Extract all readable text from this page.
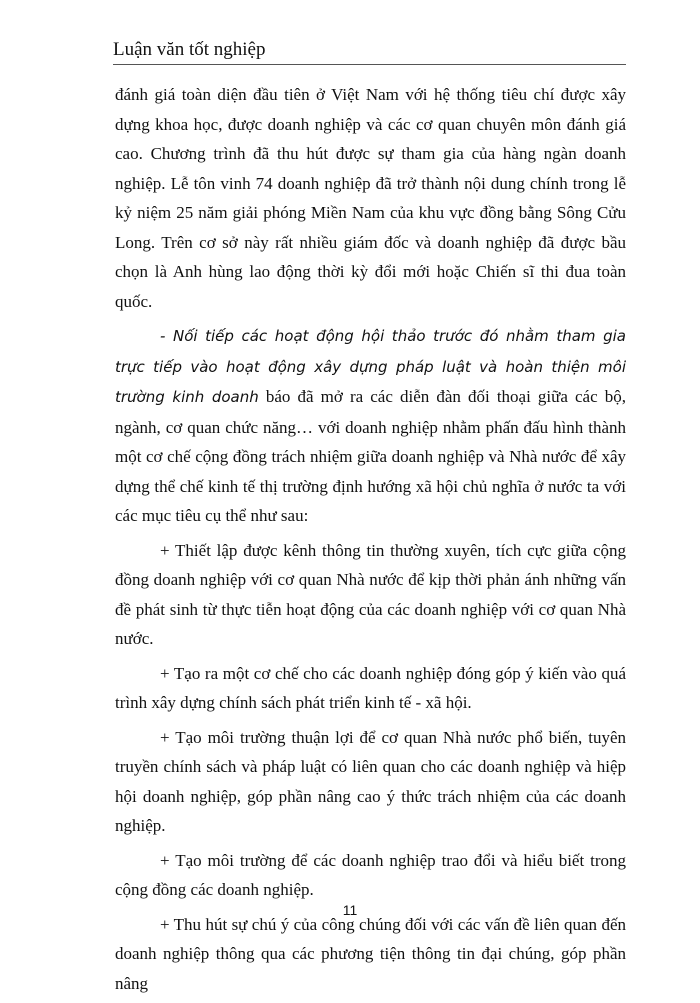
Luận văn tốt nghiệp

đánh giá toàn diện đầu tiên ở Việt Nam với hệ thống tiêu chí được xây dựng khoa học, được doanh nghiệp và các cơ quan chuyên môn đánh giá cao. Chương trình đã thu hút được sự tham gia của hàng ngàn doanh nghiệp. Lễ tôn vinh 74 doanh nghiệp đã trở thành nội dung chính trong lễ kỷ niệm 25 năm giải phóng Miền Nam của khu vực đồng bằng Sông Cửu Long. Trên cơ sở này rất nhiều giám đốc và doanh nghiệp đã được bầu chọn là Anh hùng lao động thời kỳ đổi mới hoặc Chiến sĩ thi đua toàn quốc.

- Nối tiếp các hoạt động hội thảo trước đó nhằm tham gia trực tiếp vào hoạt động xây dựng pháp luật và hoàn thiện môi trường kinh doanh báo đã mở ra các diễn đàn đối thoại giữa các bộ, ngành, cơ quan chức năng… với doanh nghiệp nhằm phấn đấu hình thành một cơ chế cộng đồng trách nhiệm giữa doanh nghiệp và Nhà nước để xây dựng thể chế kinh tế thị trường định hướng xã hội chủ nghĩa ở nước ta với các mục tiêu cụ thể như sau:

+ Thiết lập được kênh thông tin thường xuyên, tích cực giữa cộng đồng doanh nghiệp với cơ quan Nhà nước để kịp thời phản ánh những vấn đề phát sinh từ thực tiễn hoạt động của các doanh nghiệp với cơ quan Nhà nước.

+ Tạo ra một cơ chế cho các doanh nghiệp đóng góp ý kiến vào quá trình xây dựng chính sách phát triển kinh tế - xã hội.

+ Tạo môi trường thuận lợi để cơ quan Nhà nước phổ biến, tuyên truyền chính sách và pháp luật có liên quan cho các doanh nghiệp và hiệp hội doanh nghiệp, góp phần nâng cao ý thức trách nhiệm của các doanh nghiệp.

+ Tạo môi trường để các doanh nghiệp trao đổi và hiểu biết trong cộng đồng các doanh nghiệp.

+ Thu hút sự chú ý của công chúng đối với các vấn đề liên quan đến doanh nghiệp thông qua các phương tiện thông tin đại chúng, góp phần nâng

11
